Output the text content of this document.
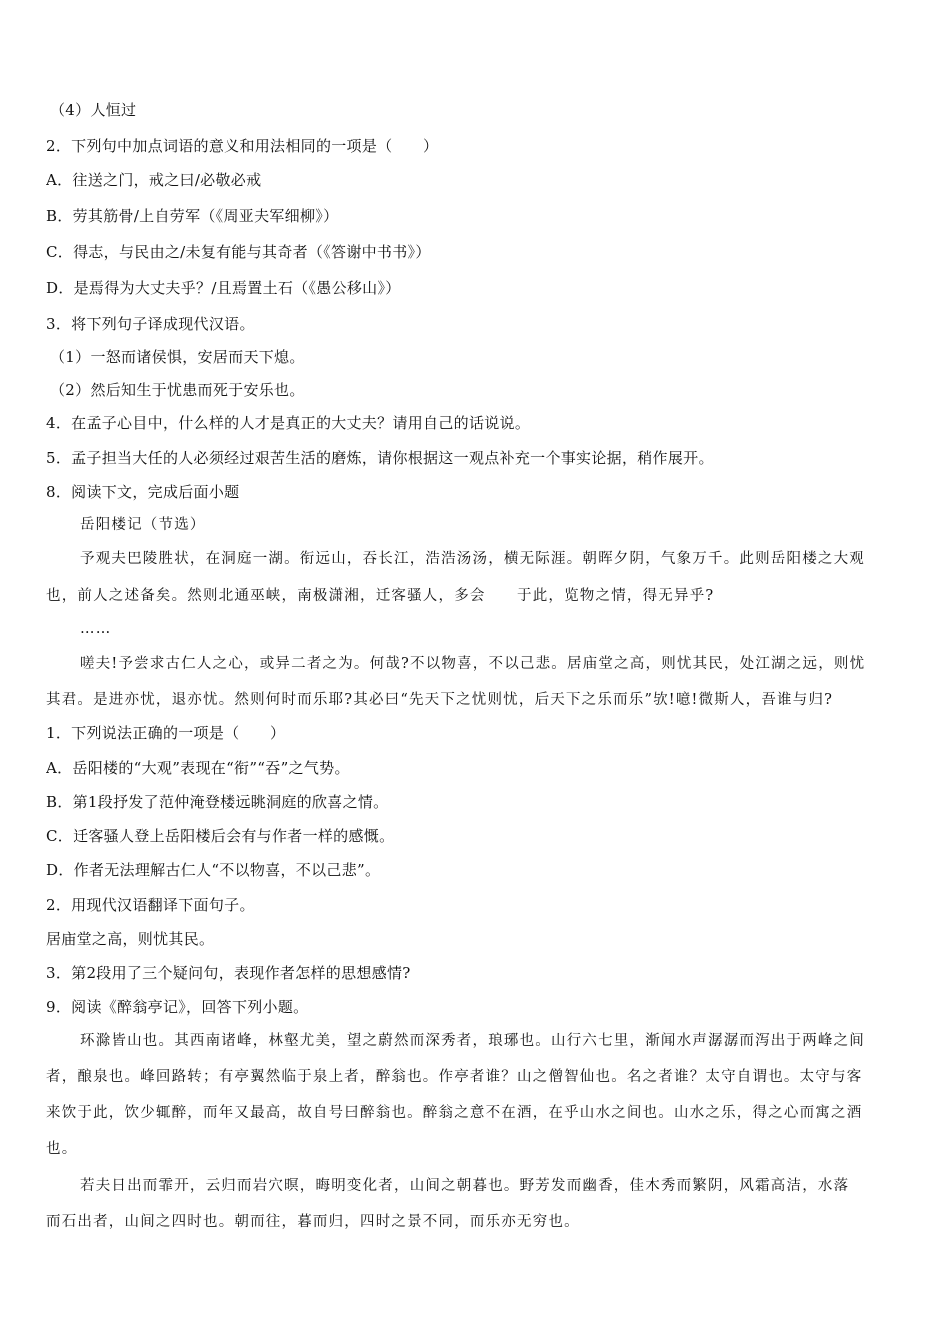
（4）人恒过
2．下列句中加点词语的意义和用法相同的一项是（　　）
A．往送之门，戒之曰/必敬必戒
B．劳其筋骨/上自劳军（《周亚夫军细柳》）
C．得志，与民由之/未复有能与其奇者（《答谢中书书》）
D．是焉得为大丈夫乎？/且焉置土石（《愚公移山》）
3．将下列句子译成现代汉语。
（1）一怒而诸侯惧，安居而天下熄。
（2）然后知生于忧患而死于安乐也。
4．在孟子心目中，什么样的人才是真正的大丈夫？请用自己的话说说。
5．孟子担当大任的人必须经过艰苦生活的磨炼，请你根据这一观点补充一个事实论据，稍作展开。
8．阅读下文，完成后面小题
岳阳楼记（节选）
予观夫巴陵胜状，在洞庭一湖。衔远山，吞长江，浩浩汤汤，横无际涯。朝晖夕阴，气象万千。此则岳阳楼之大观
也，前人之述备矣。然则北通巫峡，南极潇湘，迁客骚人，多会　　于此，览物之情，得无异乎?
……
嗟夫!予尝求古仁人之心，或异二者之为。何哉?不以物喜，不以己悲。居庙堂之高，则忧其民，处江湖之远，则忧
其君。是进亦忧，退亦忧。然则何时而乐耶?其必曰“先天下之忧则忧，后天下之乐而乐”欤!噫!微斯人，吾谁与归?
1．下列说法正确的一项是（　　）
A．岳阳楼的“大观”表现在“衔”“吞”之气势。
B．第1段抒发了范仲淹登楼远眺洞庭的欣喜之情。
C．迁客骚人登上岳阳楼后会有与作者一样的感慨。
D．作者无法理解古仁人“不以物喜，不以己悲”。
2．用现代汉语翻译下面句子。
居庙堂之高，则忧其民。
3．第2段用了三个疑问句，表现作者怎样的思想感情?
9．阅读《醉翁亭记》，回答下列小题。
环滁皆山也。其西南诸峰，林壑尤美，望之蔚然而深秀者，琅琊也。山行六七里，渐闻水声潺潺而泻出于两峰之间
者，酿泉也。峰回路转；有亭翼然临于泉上者，醉翁也。作亭者谁？山之僧智仙也。名之者谁？太守自谓也。太守与客
来饮于此，饮少辄醉，而年又最高，故自号曰醉翁也。醉翁之意不在酒，在乎山水之间也。山水之乐，得之心而寓之酒
也。
若夫日出而霏开，云归而岩穴暝，晦明变化者，山间之朝暮也。野芳发而幽香，佳木秀而繁阴，风霜高洁，水落
而石出者，山间之四时也。朝而往，暮而归，四时之景不同，而乐亦无穷也。
